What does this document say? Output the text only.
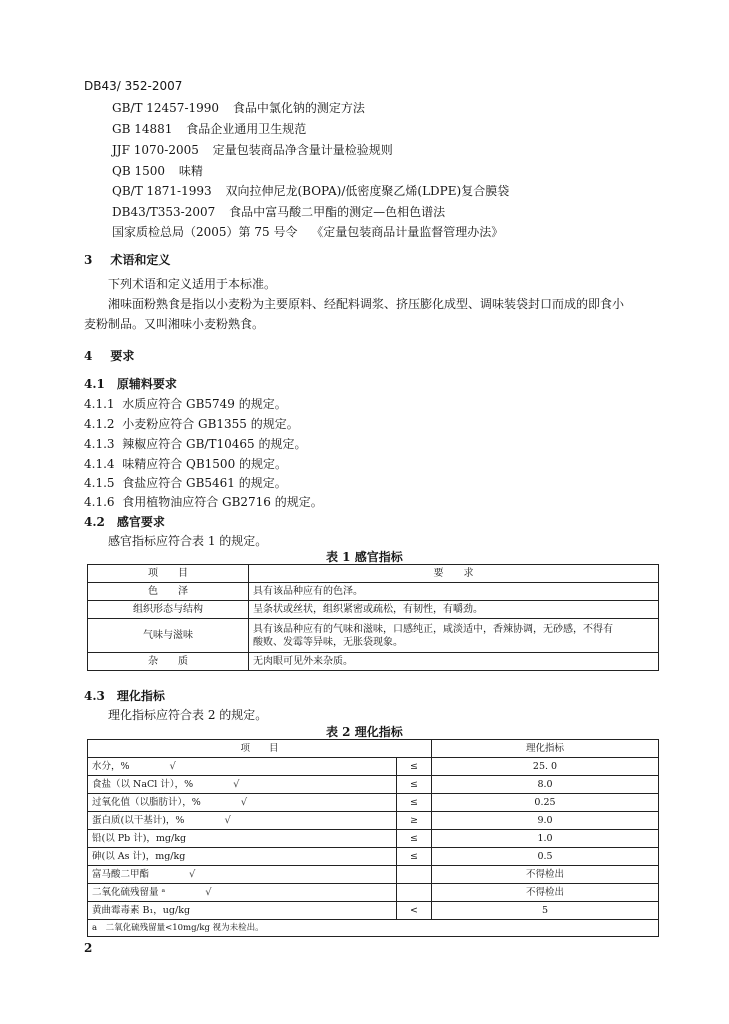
DB43/ 352-2007
GB/T 12457-1990 食品中氯化钠的测定方法
GB 14881 食品企业通用卫生规范
JJF 1070-2005 定量包装商品净含量计量检验规则
QB 1500 味精
QB/T 1871-1993 双向拉伸尼龙(BOPA)/低密度聚乙烯(LDPE)复合膜袋
DB43/T353-2007 食品中富马酸二甲酯的测定—色相色谱法
国家质检总局（2005）第 75 号令 《定量包装商品计量监督管理办法》
3 术语和定义
下列术语和定义适用于本标准。
湘味面粉熟食是指以小麦粉为主要原料、经配料调浆、挤压膨化成型、调味装袋封口而成的即食小
麦粉制品。又叫湘味小麦粉熟食。
4 要求
4.1 原辅料要求
4.1.1 水质应符合 GB5749 的规定。
4.1.2 小麦粉应符合 GB1355 的规定。
4.1.3 辣椒应符合 GB/T10465 的规定。
4.1.4 味精应符合 QB1500 的规定。
4.1.5 食盐应符合 GB5461 的规定。
4.1.6 食用植物油应符合 GB2716 的规定。
4.2 感官要求
感官指标应符合表 1 的规定。
表 1 感官指标
项　　目	要　　求
色　　泽	具有该品种应有的色泽。
组织形态与结构	呈条状或丝状，组织紧密或疏松，有韧性，有嚼劲。
气味与滋味	具有该品种应有的气味和滋味，口感纯正，咸淡适中，香辣协调，无砂感，不得有
酸败、发霉等异味，无胀袋现象。

杂　　质	无肉眼可见外来杂质。
4.3 理化指标
理化指标应符合表 2 的规定。
表 2 理化指标
项　　目		理化指标
水分，% √	≤	25. 0
食盐（以 NaCl 计），% √	≤	8.0
过氧化值（以脂肪计），% √	≤	0.25
蛋白质(以干基计)，% √	≥	9.0
铅(以 Pb 计)，mg/kg	≤	1.0
砷(以 As 计)，mg/kg	≤	0.5
富马酸二甲酯 √		不得检出
二氧化硫残留量 ᵃ √		不得检出
黄曲霉毒素 B₁，ug/kg	<	5
a　二氧化硫残留量<10mg/kg 视为未检出。		
2
